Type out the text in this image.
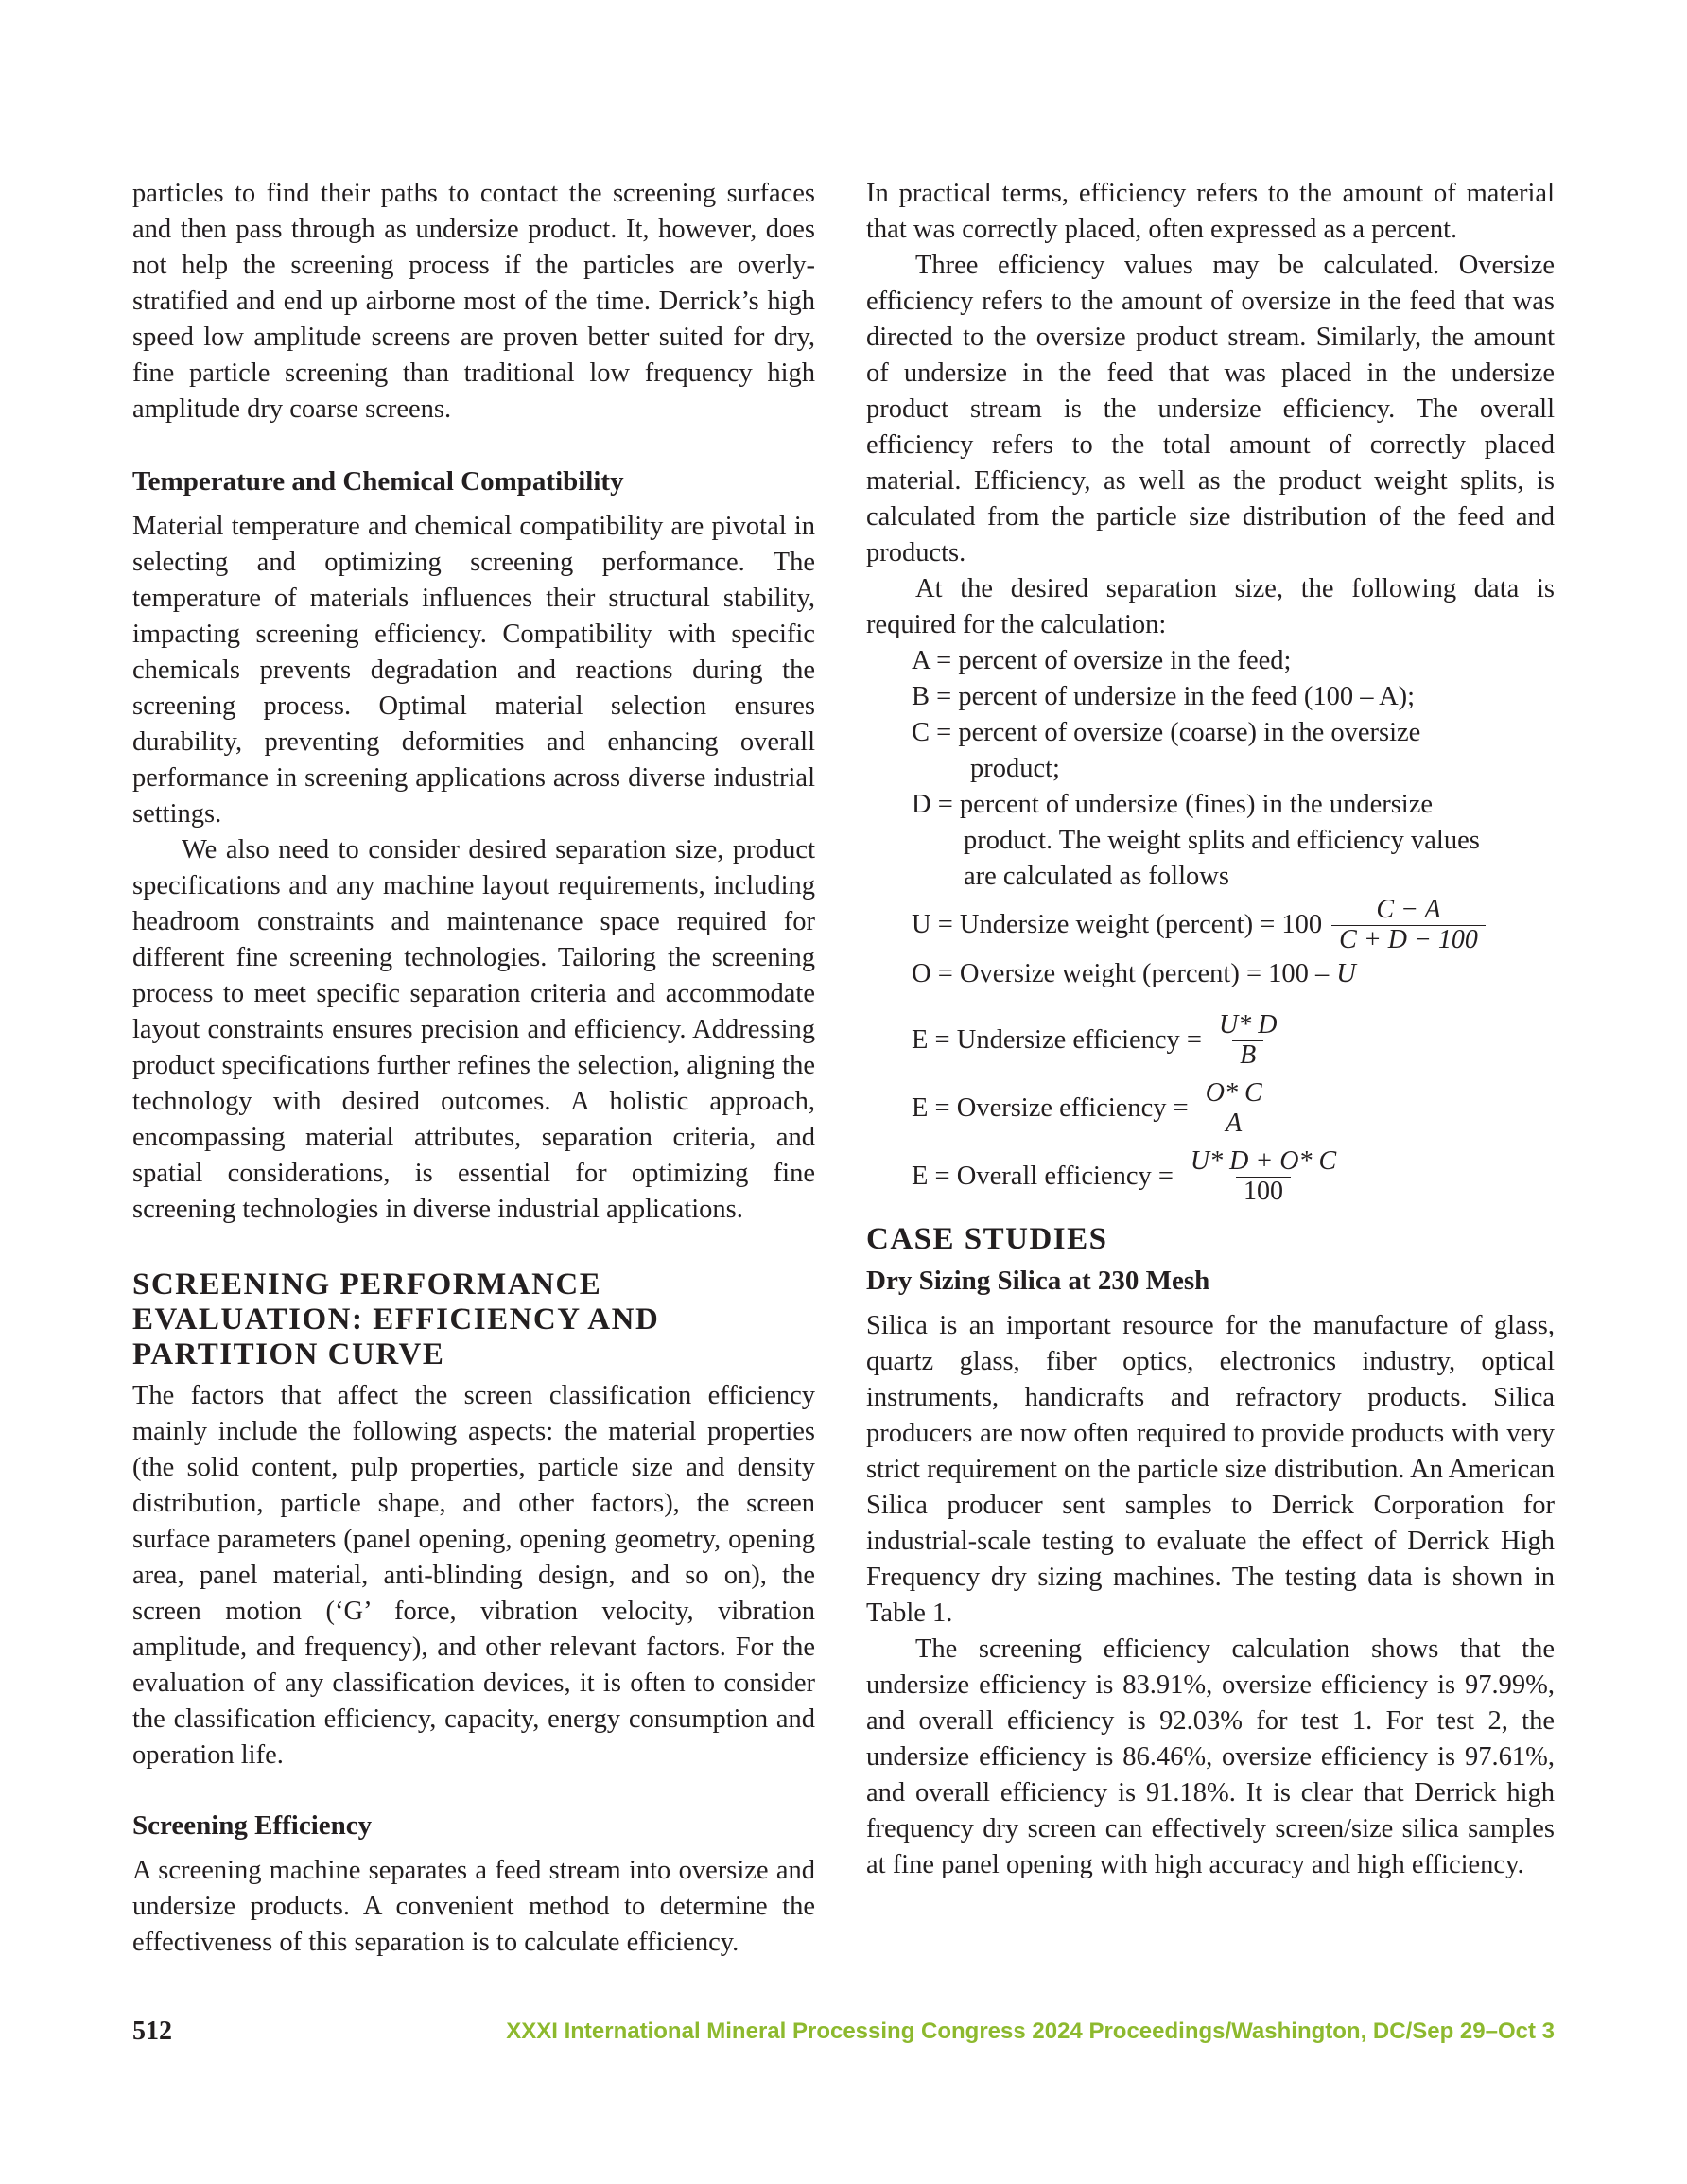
particles to find their paths to contact the screening surfaces and then pass through as undersize product. It, however, does not help the screening process if the particles are overly-stratified and end up airborne most of the time. Derrick’s high speed low amplitude screens are proven better suited for dry, fine particle screening than traditional low frequency high amplitude dry coarse screens.

Temperature and Chemical Compatibility

Material temperature and chemical compatibility are pivotal in selecting and optimizing screening performance. The temperature of materials influences their structural stability, impacting screening efficiency. Compatibility with specific chemicals prevents degradation and reactions during the screening process. Optimal material selection ensures durability, preventing deformities and enhancing overall performance in screening applications across diverse industrial settings.

We also need to consider desired separation size, product specifications and any machine layout requirements, including headroom constraints and maintenance space required for different fine screening technologies. Tailoring the screening process to meet specific separation criteria and accommodate layout constraints ensures precision and efficiency. Addressing product specifications further refines the selection, aligning the technology with desired outcomes. A holistic approach, encompassing material attributes, separation criteria, and spatial considerations, is essential for optimizing fine screening technologies in diverse industrial applications.

SCREENING PERFORMANCE EVALUATION: EFFICIENCY AND PARTITION CURVE

The factors that affect the screen classification efficiency mainly include the following aspects: the material properties (the solid content, pulp properties, particle size and density distribution, particle shape, and other factors), the screen surface parameters (panel opening, opening geometry, opening area, panel material, anti-blinding design, and so on), the screen motion (‘G’ force, vibration velocity, vibration amplitude, and frequency), and other relevant factors. For the evaluation of any classification devices, it is often to consider the classification efficiency, capacity, energy consumption and operation life.

Screening Efficiency

A screening machine separates a feed stream into oversize and undersize products. A convenient method to determine the effectiveness of this separation is to calculate efficiency.

In practical terms, efficiency refers to the amount of material that was correctly placed, often expressed as a percent.

Three efficiency values may be calculated. Oversize efficiency refers to the amount of oversize in the feed that was directed to the oversize product stream. Similarly, the amount of undersize in the feed that was placed in the undersize product stream is the undersize efficiency. The overall efficiency refers to the total amount of correctly placed material. Efficiency, as well as the product weight splits, is calculated from the particle size distribution of the feed and products.

At the desired separation size, the following data is required for the calculation:

A = percent of oversize in the feed;
B = percent of undersize in the feed (100 – A);
C = percent of oversize (coarse) in the oversize
product;
D = percent of undersize (fines) in the undersize
product. The weight splits and efficiency values
are calculated as follows
U = Undersize weight (percent) = $100 \frac{C - A}{C + D - 100}$
O = Oversize weight (percent) = 100 – U
E = Undersize efficiency = $\frac{U* D}{B}$
E = Oversize efficiency = $\frac{O* C}{A}$
E = Overall efficiency = $\frac{U* D + O* C}{100}$
CASE STUDIES
Dry Sizing Silica at 230 Mesh

Silica is an important resource for the manufacture of glass, quartz glass, fiber optics, electronics industry, optical instruments, handicrafts and refractory products. Silica producers are now often required to provide products with very strict requirement on the particle size distribution. An American Silica producer sent samples to Derrick Corporation for industrial-scale testing to evaluate the effect of Derrick High Frequency dry sizing machines. The testing data is shown in Table 1.

The screening efficiency calculation shows that the undersize efficiency is 83.91%, oversize efficiency is 97.99%, and overall efficiency is 92.03% for test 1. For test 2, the undersize efficiency is 86.46%, oversize efficiency is 97.61%, and overall efficiency is 91.18%. It is clear that Derrick high frequency dry screen can effectively screen/size silica samples at fine panel opening with high accuracy and high efficiency.

512	XXXI International Mineral Processing Congress 2024 Proceedings/Washington, DC/Sep 29–Oct 3
